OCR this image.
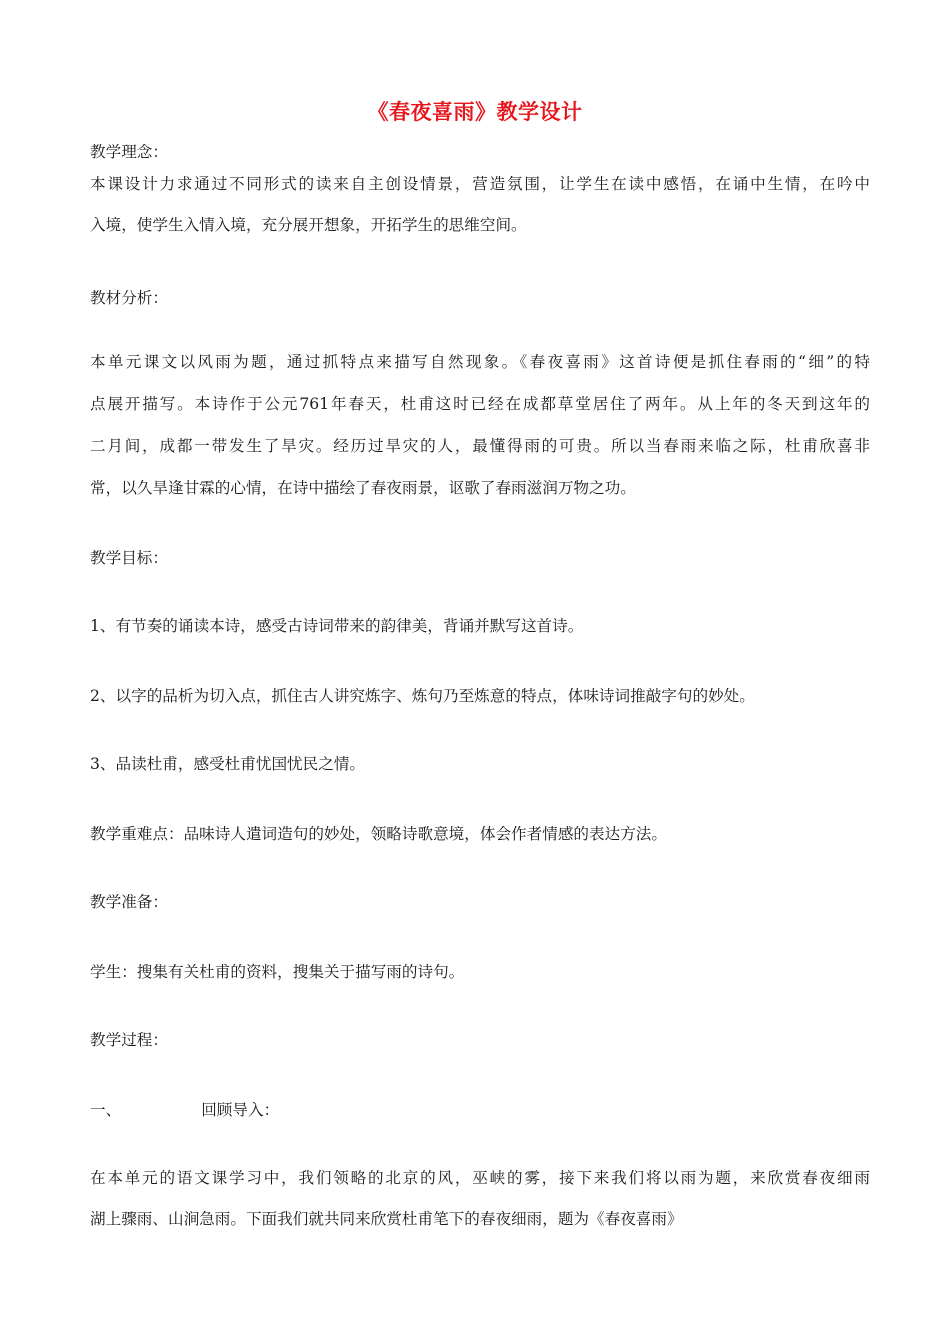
《春夜喜雨》教学设计
教学理念：
本课设计力求通过不同形式的读来自主创设情景，营造氛围，让学生在读中感悟，在诵中生情，在吟中
入境，使学生入情入境，充分展开想象，开拓学生的思维空间。
教材分析：
本单元课文以风雨为题，通过抓特点来描写自然现象。《春夜喜雨》这首诗便是抓住春雨的“细”的特
点展开描写。本诗作于公元761年春天，杜甫这时已经在成都草堂居住了两年。从上年的冬天到这年的
二月间，成都一带发生了旱灾。经历过旱灾的人，最懂得雨的可贵。所以当春雨来临之际，杜甫欣喜非
常，以久旱逢甘霖的心情，在诗中描绘了春夜雨景，讴歌了春雨滋润万物之功。
教学目标：
1、有节奏的诵读本诗，感受古诗词带来的韵律美，背诵并默写这首诗。
2、以字的品析为切入点，抓住古人讲究炼字、炼句乃至炼意的特点，体味诗词推敲字句的妙处。
3、品读杜甫，感受杜甫忧国忧民之情。
教学重难点：品味诗人遣词造句的妙处，领略诗歌意境，体会作者情感的表达方法。
教学准备：
学生：搜集有关杜甫的资料，搜集关于描写雨的诗句。
教学过程：
一、	回顾导入：
在本单元的语文课学习中，我们领略的北京的风，巫峡的雾，接下来我们将以雨为题，来欣赏春夜细雨
湖上骤雨、山涧急雨。下面我们就共同来欣赏杜甫笔下的春夜细雨，题为《春夜喜雨》
